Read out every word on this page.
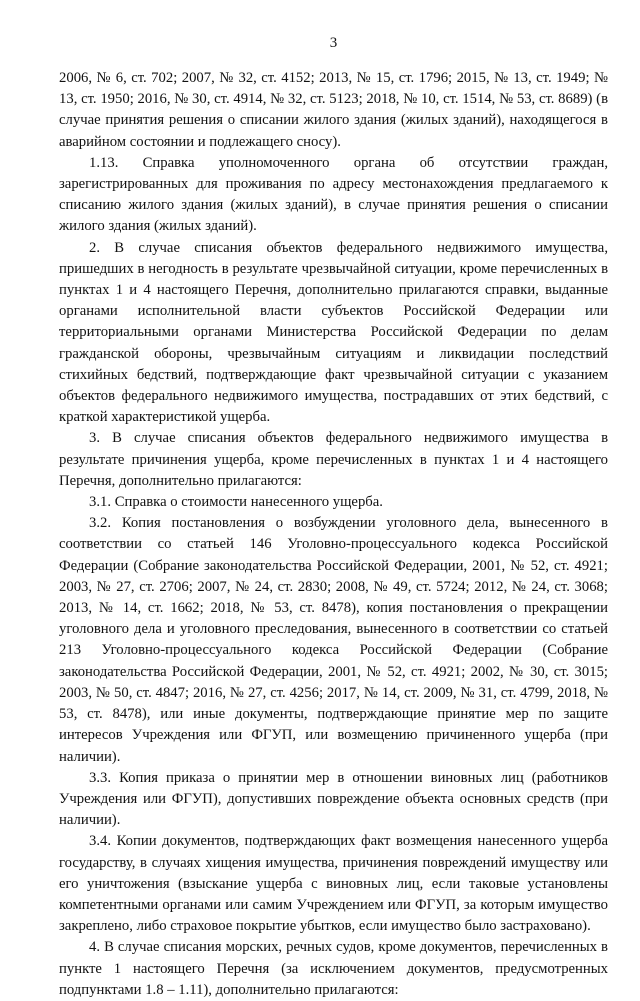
3

2006, № 6, ст. 702; 2007, № 32, ст. 4152; 2013, № 15, ст. 1796; 2015, № 13, ст. 1949; № 13, ст. 1950; 2016, № 30, ст. 4914, № 32, ст. 5123; 2018, № 10, ст. 1514, № 53, ст. 8689) (в случае принятия решения о списании жилого здания (жилых зданий), находящегося в аварийном состоянии и подлежащего сносу).

1.13. Справка уполномоченного органа об отсутствии граждан, зарегистрированных для проживания по адресу местонахождения предлагаемого к списанию жилого здания (жилых зданий), в случае принятия решения о списании жилого здания (жилых зданий).

2. В случае списания объектов федерального недвижимого имущества, пришедших в негодность в результате чрезвычайной ситуации, кроме перечисленных в пунктах 1 и 4 настоящего Перечня, дополнительно прилагаются справки, выданные органами исполнительной власти субъектов Российской Федерации или территориальными органами Министерства Российской Федерации по делам гражданской обороны, чрезвычайным ситуациям и ликвидации последствий стихийных бедствий, подтверждающие факт чрезвычайной ситуации с указанием объектов федерального недвижимого имущества, пострадавших от этих бедствий, с краткой характеристикой ущерба.

3. В случае списания объектов федерального недвижимого имущества в результате причинения ущерба, кроме перечисленных в пунктах 1 и 4 настоящего Перечня, дополнительно прилагаются:

3.1. Справка о стоимости нанесенного ущерба.

3.2. Копия постановления о возбуждении уголовного дела, вынесенного в соответствии со статьей 146 Уголовно-процессуального кодекса Российской Федерации (Собрание законодательства Российской Федерации, 2001, № 52, ст. 4921; 2003, № 27, ст. 2706; 2007, № 24, ст. 2830; 2008, № 49, ст. 5724; 2012, № 24, ст. 3068; 2013, № 14, ст. 1662; 2018, № 53, ст. 8478), копия постановления о прекращении уголовного дела и уголовного преследования, вынесенного в соответствии со статьей 213 Уголовно-процессуального кодекса Российской Федерации (Собрание законодательства Российской Федерации, 2001, № 52, ст. 4921; 2002, № 30, ст. 3015; 2003, № 50, ст. 4847; 2016, № 27, ст. 4256; 2017, № 14, ст. 2009, № 31, ст. 4799, 2018, № 53, ст. 8478), или иные документы, подтверждающие принятие мер по защите интересов Учреждения или ФГУП, или возмещению причиненного ущерба (при наличии).

3.3. Копия приказа о принятии мер в отношении виновных лиц (работников Учреждения или ФГУП), допустивших повреждение объекта основных средств (при наличии).

3.4. Копии документов, подтверждающих факт возмещения нанесенного ущерба государству, в случаях хищения имущества, причинения повреждений имуществу или его уничтожения (взыскание ущерба с виновных лиц, если таковые установлены компетентными органами или самим Учреждением или ФГУП, за которым имущество закреплено, либо страховое покрытие убытков, если имущество было застраховано).

4. В случае списания морских, речных судов, кроме документов, перечисленных в пункте 1 настоящего Перечня (за исключением документов, предусмотренных подпунктами 1.8 – 1.11), дополнительно прилагаются:
